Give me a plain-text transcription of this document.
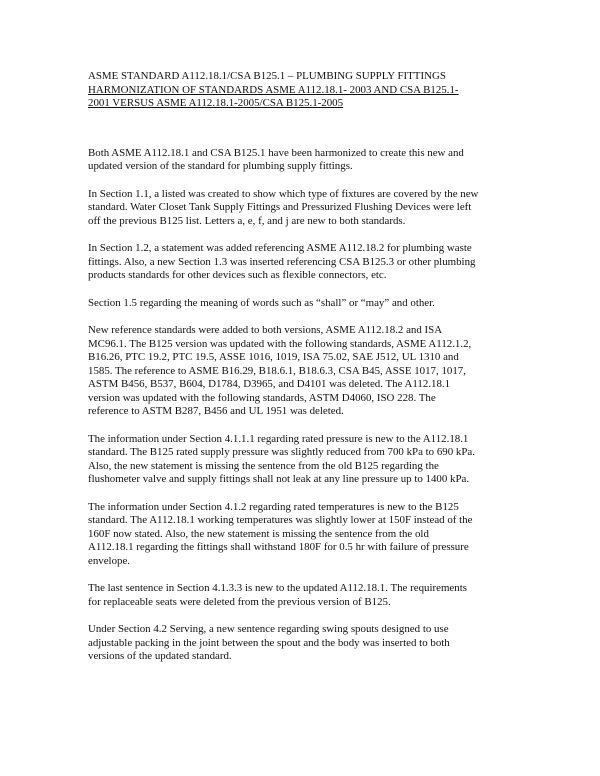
ASME STANDARD A112.18.1/CSA B125.1 – PLUMBING SUPPLY FITTINGS

HARMONIZATION OF STANDARDS ASME A112.18.1- 2003 AND CSA B125.1-
2001 VERSUS ASME A112.18.1-2005/CSA B125.1-2005

Both ASME A112.18.1 and CSA B125.1 have been harmonized to create this new and
updated version of the standard for plumbing supply fittings.

In Section 1.1, a listed was created to show which type of fixtures are covered by the new
standard. Water Closet Tank Supply Fittings and Pressurized Flushing Devices were left
off the previous B125 list. Letters a, e, f, and j are new to both standards.

In Section 1.2, a statement was added referencing ASME A112.18.2 for plumbing waste
fittings. Also, a new Section 1.3 was inserted referencing CSA B125.3 or other plumbing
products standards for other devices such as flexible connectors, etc.

Section 1.5 regarding the meaning of words such as “shall” or “may” and other.

New reference standards were added to both versions, ASME A112.18.2 and ISA
MC96.1. The B125 version was updated with the following standards, ASME A112.1.2,
B16.26, PTC 19.2, PTC 19.5, ASSE 1016, 1019, ISA 75.02, SAE J512, UL 1310 and
1585. The reference to ASME B16.29, B18.6.1, B18.6.3, CSA B45, ASSE 1017, 1017,
ASTM B456, B537, B604, D1784, D3965, and D4101 was deleted. The A112.18.1
version was updated with the following standards, ASTM D4060, ISO 228. The
reference to ASTM B287, B456 and UL 1951 was deleted.

The information under Section 4.1.1.1 regarding rated pressure is new to the A112.18.1
standard. The B125 rated supply pressure was slightly reduced from 700 kPa to 690 kPa.
Also, the new statement is missing the sentence from the old B125 regarding the
flushometer valve and supply fittings shall not leak at any line pressure up to 1400 kPa.

The information under Section 4.1.2 regarding rated temperatures is new to the B125
standard. The A112.18.1 working temperatures was slightly lower at 150F instead of the
160F now stated. Also, the new statement is missing the sentence from the old
A112.18.1 regarding the fittings shall withstand 180F for 0.5 hr with failure of pressure
envelope.

The last sentence in Section 4.1.3.3 is new to the updated A112.18.1. The requirements
for replaceable seats were deleted from the previous version of B125.

Under Section 4.2 Serving, a new sentence regarding swing spouts designed to use
adjustable packing in the joint between the spout and the body was inserted to both
versions of the updated standard.
